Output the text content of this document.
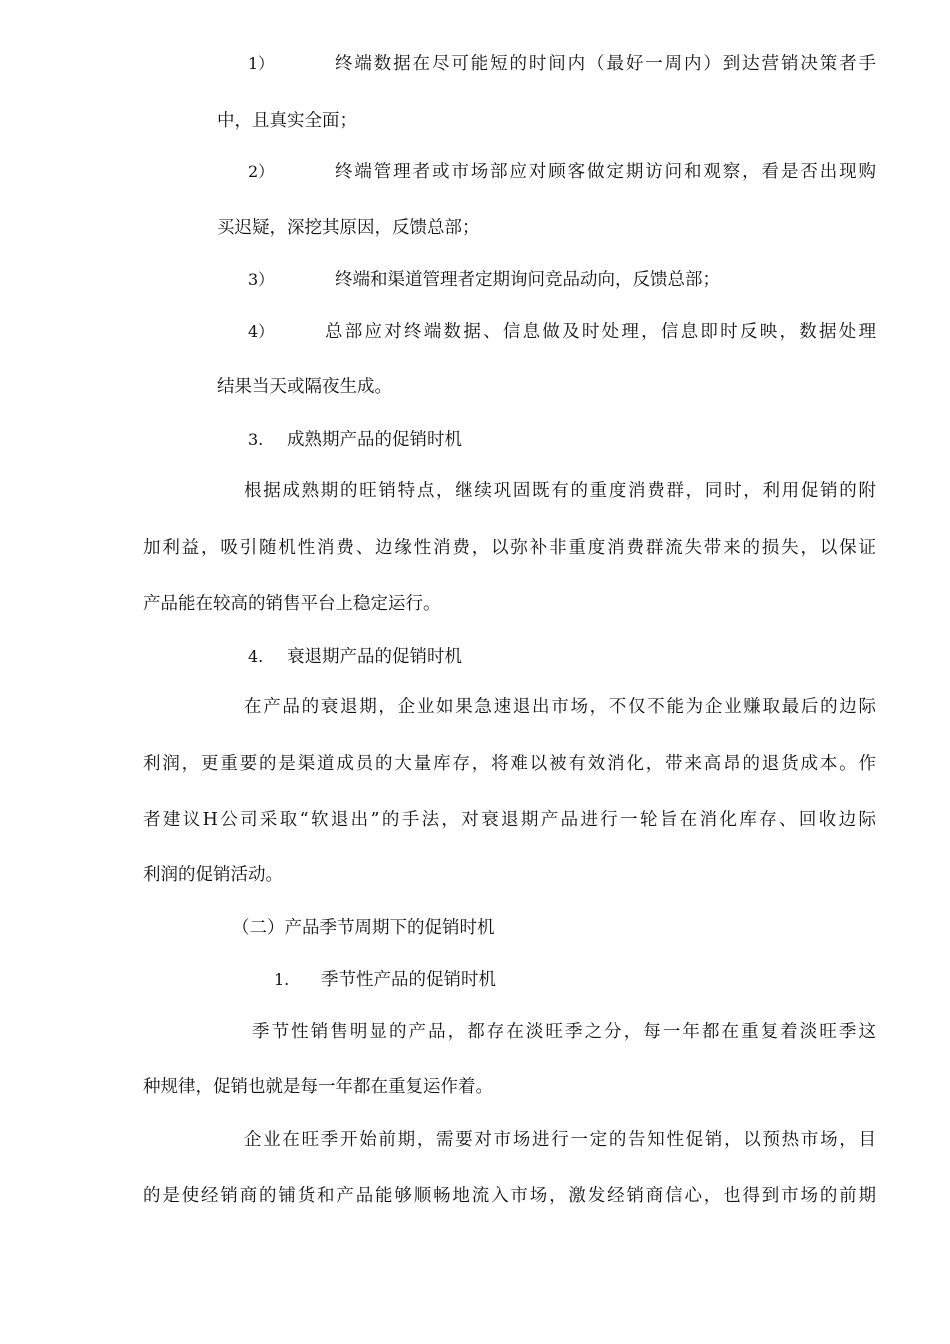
1）	终端数据在尽可能短的时间内（最好一周内）到达营销决策者手
中，且真实全面；
2）	终端管理者或市场部应对顾客做定期访问和观察，看是否出现购
买迟疑，深挖其原因，反馈总部；
3）	终端和渠道管理者定期询问竞品动向，反馈总部；
4）	总部应对终端数据、信息做及时处理，信息即时反映，数据处理
结果当天或隔夜生成。
3. 成熟期产品的促销时机
根据成熟期的旺销特点，继续巩固既有的重度消费群，同时，利用促销的附
加利益，吸引随机性消费、边缘性消费，以弥补非重度消费群流失带来的损失，以保证
产品能在较高的销售平台上稳定运行。
4. 衰退期产品的促销时机
在产品的衰退期，企业如果急速退出市场，不仅不能为企业赚取最后的边际
利润，更重要的是渠道成员的大量库存，将难以被有效消化，带来高昂的退货成本。作
者建议H公司采取“软退出”的手法，对衰退期产品进行一轮旨在消化库存、回收边际
利润的促销活动。
（二）产品季节周期下的促销时机
1. 季节性产品的促销时机
季节性销售明显的产品，都存在淡旺季之分，每一年都在重复着淡旺季这
种规律，促销也就是每一年都在重复运作着。
企业在旺季开始前期，需要对市场进行一定的告知性促销，以预热市场，目
的是使经销商的铺货和产品能够顺畅地流入市场，激发经销商信心，也得到市场的前期
